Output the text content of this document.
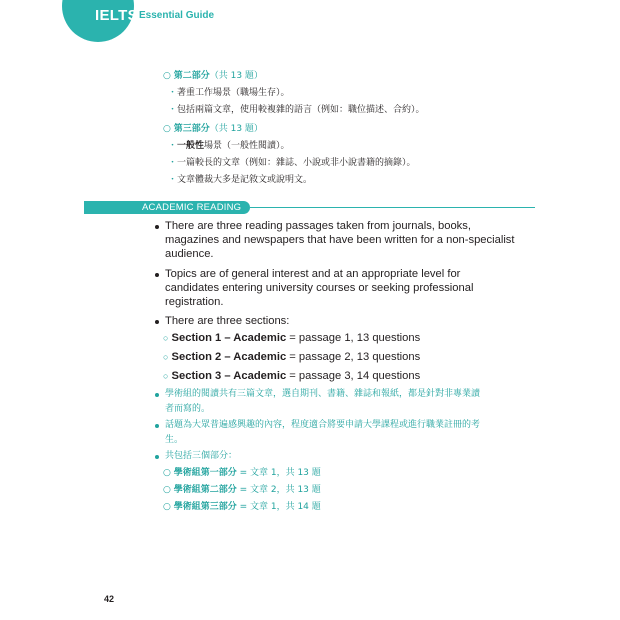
IELTS Essential Guide
○ 第二部分（共 13 題）
・著重工作場景（職場生存）。
・包括兩篇文章，使用較複雜的語言（例如：職位描述、合約）。
○ 第三部分（共 13 題）
・一般性場景（一般性閱讀）。
・一篇較長的文章（例如：雜誌、小說或非小說書籍的摘錄）。
・文章體裁大多是記敘文或說明文。
ACADEMIC READING
There are three reading passages taken from journals, books,
magazines and newspapers that have been written for a non-specialist
audience.
Topics are of general interest and at an appropriate level for
candidates entering university courses or seeking professional
registration.
There are three sections:
○ Section 1 – Academic = passage 1, 13 questions
○ Section 2 – Academic = passage 2, 13 questions
○ Section 3 – Academic = passage 3, 14 questions
學術組的閱讀共有三篇文章，選自期刊、書籍、雜誌和報紙，都是針對非專業讀
者而寫的。
話題為大眾普遍感興趣的內容，程度適合將要申請大學課程或進行職業註冊的考
生。
共包括三個部分：
○ 學術組第一部分 = 文章 1，共 13 題
○ 學術組第二部分 = 文章 2，共 13 題
○ 學術組第三部分 = 文章 1，共 14 題
42
